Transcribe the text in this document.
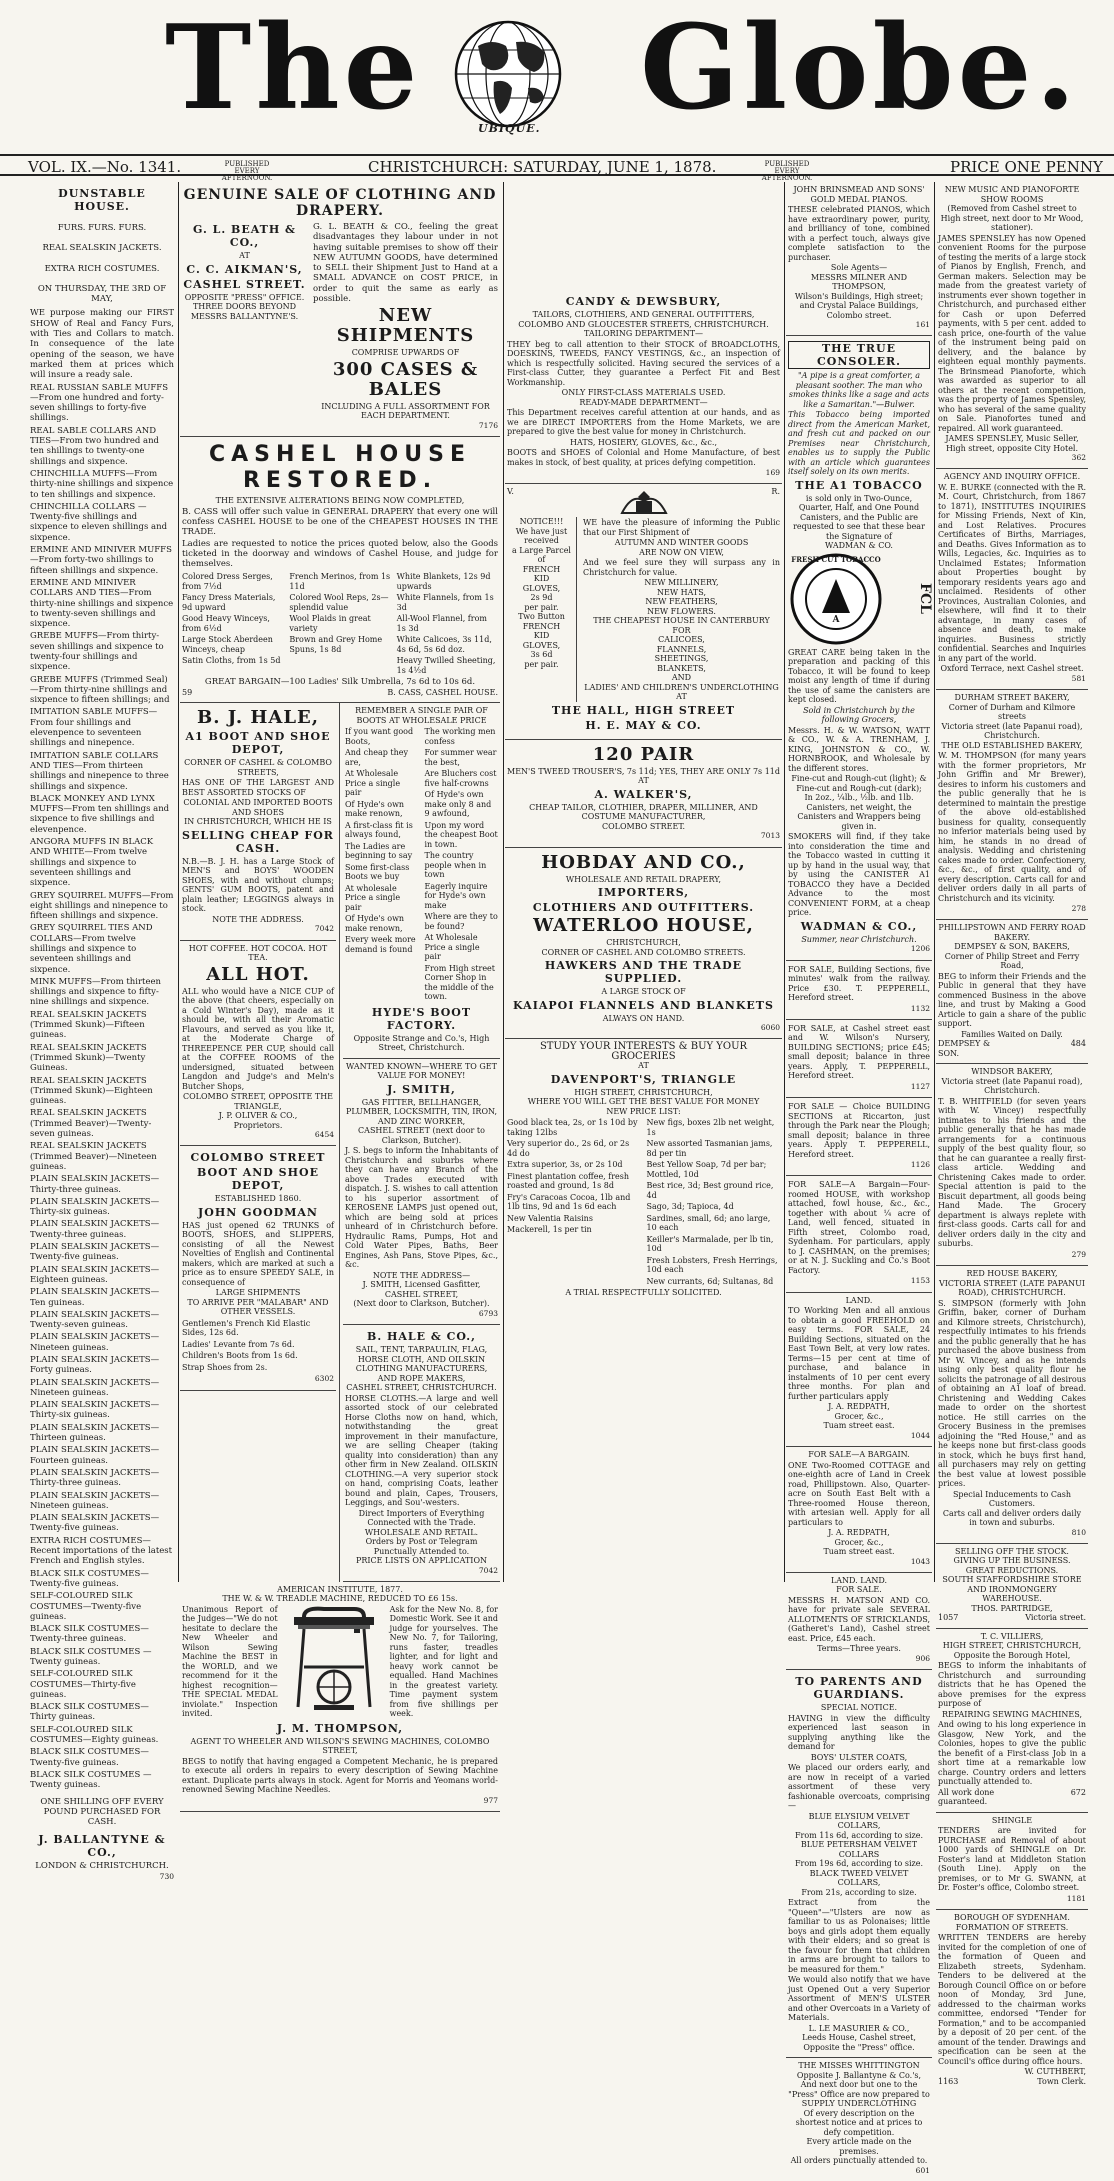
The	UBIQUE. Globe.
VOL. IX.—No. 1341.	PUBLISHED EVERY AFTERNOON.
CHRISTCHURCH: SATURDAY, JUNE 1, 1878.	PUBLISHED EVERY AFTERNOON.
PRICE ONE PENNY
DUNSTABLE HOUSE.
FURS. FURS. FURS.
REAL SEALSKIN JACKETS.
EXTRA RICH COSTUMES.
ON THURSDAY, THE 3RD OF MAY,

WE purpose making our FIRST SHOW of Real and Fancy Furs, with Ties and Collars to match. In consequence of the late opening of the season, we have marked them at prices which will insure a ready sale.

REAL RUSSIAN SABLE MUFFS—From one hundred and forty-seven shillings to forty-five shillings.
REAL SABLE COLLARS AND TIES—From two hundred and ten shillings to twenty-one shillings and sixpence.
CHINCHILLA MUFFS—From thirty-nine shillings and sixpence to ten shillings and sixpence.
CHINCHILLA COLLARS — Twenty-five shillings and sixpence to eleven shillings and sixpence.
ERMINE AND MINIVER MUFFS—From forty-two shillings to fifteen shillings and sixpence.
ERMINE AND MINIVER COLLARS AND TIES—From thirty-nine shillings and sixpence to twenty-seven shillings and sixpence.
GREBE MUFFS—From thirty-seven shillings and sixpence to twenty-four shillings and sixpence.
GREBE MUFFS (Trimmed Seal)—From thirty-nine shillings and sixpence to fifteen shillings; and
IMITATION SABLE MUFFS—From four shillings and elevenpence to seventeen shillings and ninepence.
IMITATION SABLE COLLARS AND TIES—From thirteen shillings and ninepence to three shillings and sixpence.
BLACK MONKEY AND LYNX MUFFS—From ten shillings and sixpence to five shillings and elevenpence.
ANGORA MUFFS IN BLACK AND WHITE—From twelve shillings and sixpence to seventeen shillings and sixpence.
GREY SQUIRREL MUFFS—From eight shillings and ninepence to fifteen shillings and sixpence.
GREY SQUIRREL TIES AND COLLARS—From twelve shillings and sixpence to seventeen shillings and sixpence.
MINK MUFFS—From thirteen shillings and sixpence to fifty-nine shillings and sixpence.
REAL SEALSKIN JACKETS (Trimmed Skunk)—Fifteen guineas.
REAL SEALSKIN JACKETS (Trimmed Skunk)—Twenty Guineas.
REAL SEALSKIN JACKETS (Trimmed Skunk)—Eighteen guineas.
REAL SEALSKIN JACKETS (Trimmed Beaver)—Twenty-seven guineas.
REAL SEALSKIN JACKETS (Trimmed Beaver)—Nineteen guineas.
PLAIN SEALSKIN JACKETS—Thirty-three guineas.
PLAIN SEALSKIN JACKETS—Thirty-six guineas.
PLAIN SEALSKIN JACKETS—Twenty-three guineas.
PLAIN SEALSKIN JACKETS—Twenty-five guineas.
PLAIN SEALSKIN JACKETS—Eighteen guineas.
PLAIN SEALSKIN JACKETS—Ten guineas.
PLAIN SEALSKIN JACKETS—Twenty-seven guineas.
PLAIN SEALSKIN JACKETS—Nineteen guineas.
PLAIN SEALSKIN JACKETS—Forty guineas.
PLAIN SEALSKIN JACKETS—Nineteen guineas.
PLAIN SEALSKIN JACKETS—Thirty-six guineas.
PLAIN SEALSKIN JACKETS—Thirteen guineas.
PLAIN SEALSKIN JACKETS—Fourteen guineas.
PLAIN SEALSKIN JACKETS—Thirty-three guineas.
PLAIN SEALSKIN JACKETS—Nineteen guineas.
PLAIN SEALSKIN JACKETS—Twenty-five guineas.
EXTRA RICH COSTUMES—Recent importations of the latest French and English styles.
BLACK SILK COSTUMES—Twenty-five guineas.
SELF-COLOURED SILK COSTUMES—Twenty-five guineas.
BLACK SILK COSTUMES—Twenty-three guineas.
BLACK SILK COSTUMES — Twenty guineas.
SELF-COLOURED SILK COSTUMES—Thirty-five guineas.
BLACK SILK COSTUMES—Thirty guineas.
SELF-COLOURED SILK COSTUMES—Eighty guineas.
BLACK SILK COSTUMES—Twenty-five guineas.
BLACK SILK COSTUMES — Twenty guineas.
ONE SHILLING OFF EVERY POUND PURCHASED FOR CASH.
J. BALLANTYNE & CO.,
LONDON & CHRISTCHURCH.
730
GENUINE SALE OF CLOTHING AND DRAPERY.
G. L. BEATH & CO.,
AT
C. C. AIKMAN'S,
CASHEL STREET.
OPPOSITE "PRESS" OFFICE. THREE DOORS BEYOND MESSRS BALLANTYNE'S.

G. L. BEATH & CO., feeling the great disadvantages they labour under in not having suitable premises to show off their NEW AUTUMN GOODS, have determined to SELL their Shipment Just to Hand at a SMALL ADVANCE on COST PRICE, in order to quit the same as early as possible.

NEW SHIPMENTS
COMPRISE UPWARDS OF
300 CASES & BALES
INCLUDING A FULL ASSORTMENT FOR EACH DEPARTMENT.
7176
CASHEL HOUSE RESTORED.
THE EXTENSIVE ALTERATIONS BEING NOW COMPLETED,

B. CASS will offer such value in GENERAL DRAPERY that every one will confess CASHEL HOUSE to be one of the CHEAPEST HOUSES IN THE TRADE.

Ladies are requested to notice the prices quoted below, also the Goods ticketed in the doorway and windows of Cashel House, and judge for themselves.

Colored Dress Serges, from 7½d
Fancy Dress Materials, 9d upward
Good Heavy Winceys, from 6½d
Large Stock Aberdeen Winceys, cheap
Satin Cloths, from 1s 5d
French Merinos, from 1s 11d
Colored Wool Reps, 2s—splendid value
Wool Plaids in great variety
Brown and Grey Home Spuns, 1s 8d
White Blankets, 12s 9d upwards
White Flannels, from 1s 3d
All-Wool Flannel, from 1s 3d
White Calicoes, 3s 11d, 4s 6d, 5s 6d doz.
Heavy Twilled Sheeting, 1s 4½d
GREAT BARGAIN—100 Ladies' Silk Umbrella, 7s 6d to 10s 6d.
59	B. CASS, CASHEL HOUSE.
B. J. HALE,
A1 BOOT AND SHOE DEPOT,
CORNER OF CASHEL & COLOMBO STREETS,

HAS ONE OF THE LARGEST AND BEST ASSORTED STOCKS OF

COLONIAL AND IMPORTED BOOTS AND SHOES
IN CHRISTCHURCH, WHICH HE IS
SELLING CHEAP FOR CASH.

N.B.—B. J. H. has a Large Stock of MEN'S and BOYS' WOODEN SHOES, with and without clumps; GENTS' GUM BOOTS, patent and plain leather; LEGGINGS always in stock.

NOTE THE ADDRESS.
7042
HOT COFFEE. HOT COCOA. HOT TEA.
ALL HOT.

ALL who would have a NICE CUP of the above (that cheers, especially on a Cold Winter's Day), made as it should be, with all their Aromatic Flavours, and served as you like it, at the Moderate Charge of THREEPENCE PER CUP, should call at the COFFEE ROOMS of the undersigned, situated between Langdon and Judge's and Meln's Butcher Shops,

COLOMBO STREET, OPPOSITE THE TRIANGLE,
J. P. OLIVER & CO.,
Proprietors.
6454
COLOMBO STREET
BOOT AND SHOE DEPOT,
ESTABLISHED 1860.
JOHN GOODMAN

HAS just opened 62 TRUNKS of BOOTS, SHOES, and SLIPPERS, consisting of all the Newest Novelties of English and Continental makers, which are marked at such a price as to ensure SPEEDY SALE, in consequence of

LARGE SHIPMENTS
TO ARRIVE PER "MALABAR" AND OTHER VESSELS.
Gentlemen's French Kid Elastic Sides, 12s 6d.
Ladies' Levante from 7s 6d.
Children's Boots from 1s 6d.
Strap Shoes from 2s.
6302
REMEMBER A SINGLE PAIR OF BOOTS AT WHOLESALE PRICE
If you want good Boots,
And cheap they are,
At Wholesale Price a single pair
Of Hyde's own make renown,
A first-class fit is always found,
The Ladies are beginning to say
Some first-class Boots we buy
At wholesale Price a single pair
Of Hyde's own make renown,
Every week more demand is found
The working men confess
For summer wear the best,
Are Bluchers cost five half-crowns
Of Hyde's own make only 8 and 9 awfound,
Upon my word the cheapest Boot in town.
The country people when in town
Eagerly inquire for Hyde's own make
Where are they to be found?
At Wholesale Price a single pair
From High street Corner Shop in the middle of the town.
HYDE'S BOOT FACTORY.
Opposite Strange and Co.'s, High Street, Christchurch.
WANTED KNOWN—WHERE TO GET VALUE FOR MONEY!
J. SMITH,
GAS FITTER, BELLHANGER, PLUMBER, LOCKSMITH, TIN, IRON, AND ZINC WORKER,
CASHEL STREET (next door to Clarkson, Butcher).

J. S. begs to inform the Inhabitants of Christchurch and suburbs where they can have any Branch of the above Trades executed with dispatch. J. S. wishes to call attention to his superior assortment of KEROSENE LAMPS just opened out, which are being sold at prices unheard of in Christchurch before. Hydraulic Rams, Pumps, Hot and Cold Water Pipes, Baths, Beer Engines, Ash Pans, Stove Pipes, &c., &c.

NOTE THE ADDRESS—
J. SMITH, Licensed Gasfitter,
CASHEL STREET,
(Next door to Clarkson, Butcher).
6793
B. HALE & CO.,
SAIL, TENT, TARPAULIN, FLAG, HORSE CLOTH, AND OILSKIN CLOTHING MANUFACTURERS, AND ROPE MAKERS,
CASHEL STREET, CHRISTCHURCH.

HORSE CLOTHS.—A large and well assorted stock of our celebrated Horse Cloths now on hand, which, notwithstanding the great improvement in their manufacture, we are selling Cheaper (taking quality into consideration) than any other firm in New Zealand. OILSKIN CLOTHING.—A very superior stock on hand, comprising Coats, leather bound and plain, Capes, Trousers, Leggings, and Sou'-westers.

Direct Importers of Everything Connected with the Trade.
WHOLESALE AND RETAIL.
Orders by Post or Telegram Punctually Attended to.
PRICE LISTS ON APPLICATION
7042
AMERICAN INSTITUTE, 1877.
THE W. & W. TREADLE MACHINE, REDUCED TO £6 15s.

Unanimous Report of the Judges—"We do not hesitate to declare the New Wheeler and Wilson Sewing Machine the BEST in the WORLD, and we recommend for it the highest recognition—THE SPECIAL MEDAL inviolate." Inspection invited.

Ask for the New No. 8, for Domestic Work. See it and judge for yourselves. The New No. 7, for Tailoring, runs faster, treadles lighter, and for light and heavy work cannot be equalled. Hand Machines in the greatest variety. Time payment system from five shillings per week.

J. M. THOMPSON,
AGENT TO WHEELER AND WILSON'S SEWING MACHINES, COLOMBO STREET,

BEGS to notify that having engaged a Competent Mechanic, he is prepared to execute all orders in repairs to every description of Sewing Machine extant. Duplicate parts always in stock. Agent for Morris and Yeomans world-renowned Sewing Machine Needles.

977
CANDY & DEWSBURY,
TAILORS, CLOTHIERS, AND GENERAL OUTFITTERS,
COLOMBO AND GLOUCESTER STREETS, CHRISTCHURCH.
TAILORING DEPARTMENT—

THEY beg to call attention to their STOCK of BROADCLOTHS, DOESKINS, TWEEDS, FANCY VESTINGS, &c., an inspection of which is respectfully solicited. Having secured the services of a First-class Cutter, they guarantee a Perfect Fit and Best Workmanship.

ONLY FIRST-CLASS MATERIALS USED.
READY-MADE DEPARTMENT—

This Department receives careful attention at our hands, and as we are DIRECT IMPORTERS from the Home Markets, we are prepared to give the best value for money in Christchurch.

HATS, HOSIERY, GLOVES, &c., &c.,

BOOTS and SHOES of Colonial and Home Manufacture, of best makes in stock, of best quality, at prices defying competition.

169
V.	R.
NOTICE!!!
We have just received
a Large Parcel of
FRENCH
KID
GLOVES,
2s 9d
per pair.
Two Button
FRENCH
KID
GLOVES,
3s 6d
per pair.

WE have the pleasure of informing the Public that our First Shipment of

AUTUMN AND WINTER GOODS
ARE NOW ON VIEW,

And we feel sure they will surpass any in Christchurch for value.

NEW MILLINERY,
NEW HATS,
NEW FEATHERS,
NEW FLOWERS.
THE CHEAPEST HOUSE IN CANTERBURY
FOR
CALICOES,
FLANNELS,
SHEETINGS,
BLANKETS,
AND
LADIES' AND CHILDREN'S UNDERCLOTHING
AT
THE HALL, HIGH STREET
H. E. MAY & CO.
120 PAIR
MEN'S TWEED TROUSER'S, 7s 11d; YES, THEY ARE ONLY 7s 11d
AT
A. WALKER'S,
CHEAP TAILOR, CLOTHIER, DRAPER, MILLINER, AND COSTUME MANUFACTURER,
COLOMBO STREET.
7013
HOBDAY AND CO.,
WHOLESALE AND RETAIL DRAPERY,
IMPORTERS,
CLOTHIERS AND OUTFITTERS.
WATERLOO HOUSE,
CHRISTCHURCH,
CORNER OF CASHEL AND COLOMBO STREETS.
HAWKERS AND THE TRADE SUPPLIED.
A LARGE STOCK OF
KAIAPOI FLANNELS AND BLANKETS
ALWAYS ON HAND.
6060
STUDY YOUR INTERESTS & BUY YOUR GROCERIES
AT
DAVENPORT'S, TRIANGLE
HIGH STREET, CHRISTCHURCH,
WHERE YOU WILL GET THE BEST VALUE FOR MONEY
NEW PRICE LIST:
Good black tea, 2s, or 1s 10d by taking 12lbs
Very superior do., 2s 6d, or 2s 4d do
Extra superior, 3s, or 2s 10d
Finest plantation coffee, fresh roasted and ground, 1s 8d
Fry's Caracoas Cocoa, 1lb and 1lb tins, 9d and 1s 6d each
New Valentia Raisins
Mackerell, 1s per tin
New figs, boxes 2lb net weight, 1s
New assorted Tasmanian jams, 8d per tin
Best Yellow Soap, 7d per bar; Mottled, 10d
Best rice, 3d; Best ground rice, 4d
Sago, 3d; Tapioca, 4d
Sardines, small, 6d; ano large, 10 each
Keiller's Marmalade, per lb tin, 10d
Fresh Lobsters, Fresh Herrings, 10d each
New currants, 6d; Sultanas, 8d
A TRIAL RESPECTFULLY SOLICITED.
JOHN BRINSMEAD AND SONS' GOLD MEDAL PIANOS.

THESE celebrated PIANOS, which have extraordinary power, purity, and brilliancy of tone, combined with a perfect touch, always give complete satisfaction to the purchaser.

Sole Agents—
MESSRS MILNER AND THOMPSON,
Wilson's Buildings, High street; and Crystal Palace Buildings, Colombo street.
161
THE TRUE CONSOLER.
"A pipe is a great comforter, a pleasant soother. The man who smokes thinks like a sage and acts like a Samaritan."—Bulwer.

This Tobacco being imported direct from the American Market, and fresh cut and packed on our Premises near Christchurch, enables us to supply the Public with an article which guarantees itself solely on its own merits.

THE A1 TOBACCO
is sold only in Two-Ounce, Quarter, Half, and One Pound Canisters, and the Public are requested to see that these bear the Signature of
WADMAN & CO.
FRESH CUT TOBACCO
A
FCL

GREAT CARE being taken in the preparation and packing of this Tobacco, it will be found to keep moist any length of time if during the use of same the canisters are kept closed.

Sold in Christchurch by the following Grocers,

Messrs. H. & W. WATSON, WATT & CO., W. & A. TRENHAM, J. KING, JOHNSTON & CO., W. HORNBROOK, and Wholesale by the different stores.

Fine-cut and Rough-cut (light); & Fine-cut and Rough-cut (dark);
In 2oz., ¼lb., ½lb. and 1lb. Canisters, net weight, the Canisters and Wrappers being given in.

SMOKERS will find, if they take into consideration the time and the Tobacco wasted in cutting it up by hand in the usual way, that by using the CANISTER A1 TOBACCO they have a Decided Advance to the most CONVENIENT FORM, at a cheap price.

WADMAN & CO.,
Summer, near Christchurch.
1206

FOR SALE, Building Sections, five minutes' walk from the railway. Price £30. T. PEPPERELL, Hereford street.

1132

FOR SALE, at Cashel street east and W. Wilson's Nursery, BUILDING SECTIONS; price £45; small deposit; balance in three years. Apply, T. PEPPERELL, Hereford street.

1127

FOR SALE — Choice BUILDING SECTIONS at Riccarton, just through the Park near the Plough; small deposit; balance in three years. Apply T. PEPPERELL, Hereford street.

1126

FOR SALE—A Bargain—Four-roomed HOUSE, with workshop attached, fowl house, &c., &c., together with about ¼ acre of Land, well fenced, situated in Fifth street, Colombo road, Sydenham. For particulars, apply to J. CASHMAN, on the premises; or at N. J. Suckling and Co.'s Boot Factory.

1153
LAND.

TO Working Men and all anxious to obtain a good FREEHOLD on easy terms. FOR SALE, 24 Building Sections, situated on the East Town Belt, at very low rates. Terms—15 per cent at time of purchase, and balance in instalments of 10 per cent every three months. For plan and further particulars apply

J. A. REDPATH,
Grocer, &c.,
Tuam street east.
1044
FOR SALE—A BARGAIN.

ONE Two-Roomed COTTAGE and one-eighth acre of Land in Creek road, Phillipstown. Also, Quarter-acre on South East Belt with a Three-roomed House thereon, with artesian well. Apply for all particulars to

J. A. REDPATH,
Grocer, &c.,
Tuam street east.
1043
LAND. LAND.
FOR SALE.

MESSRS H. MATSON AND CO. have for private sale SEVERAL ALLOTMENTS OF STRICKLANDS, (Gatheret's Land), Cashel street east. Price, £45 each.

Terms—Three years.
906
TO PARENTS AND GUARDIANS.
SPECIAL NOTICE.

HAVING in view the difficulty experienced last season in supplying anything like the demand for

BOYS' ULSTER COATS,

We placed our orders early, and are now in receipt of a varied assortment of these very fashionable overcoats, comprising—

BLUE ELYSIUM VELVET COLLARS,
From 11s 6d, according to size.
BLUE PETERSHAM VELVET COLLARS
From 19s 6d, according to size.
BLACK TWEED VELVET COLLARS,
From 21s, according to size.

Extract from the "Queen"—"Ulsters are now as familiar to us as Polonaises; little boys and girls adopt them equally with their elders; and so great is the favour for them that children in arms are brought to tailors to be measured for them."

We would also notify that we have just Opened Out a very Superior Assortment of MEN'S ULSTER and other Overcoats in a Variety of Materials.

L. LE MASURIER & CO.,
Leeds House, Cashel street, Opposite the "Press" office.
THE MISSES WHITTINGTON
Opposite J. Ballantyne & Co.'s, And next door but one to the "Press" Office are now prepared to
SUPPLY UNDERCLOTHING
Of every description on the shortest notice and at prices to defy competition.
Every article made on the premises.
All orders punctually attended to.
601
NEW MUSIC AND PIANOFORTE SHOW ROOMS
(Removed from Cashel street to High street, next door to Mr Wood, stationer).

JAMES SPENSLEY has now Opened convenient Rooms for the purpose of testing the merits of a large stock of Pianos by English, French, and German makers. Selection may be made from the greatest variety of instruments ever shown together in Christchurch, and purchased either for Cash or upon Deferred payments, with 5 per cent. added to cash price, one-fourth of the value of the instrument being paid on delivery, and the balance by eighteen equal monthly payments. The Brinsmead Pianoforte, which was awarded as superior to all others at the recent competition, was the property of James Spensley, who has several of the same quality on Sale. Pianofortes tuned and repaired. All work guaranteed.

JAMES SPENSLEY, Music Seller, High street, opposite City Hotel.
362
AGENCY AND INQUIRY OFFICE.

W. E. BURKE (connected with the R. M. Court, Christchurch, from 1867 to 1871), INSTITUTES INQUIRIES for Missing Friends, Next of Kin, and Lost Relatives. Procures Certificates of Births, Marriages, and Deaths. Gives Information as to Wills, Legacies, &c. Inquiries as to Unclaimed Estates; Information about Properties bought by temporary residents years ago and unclaimed. Residents of other Provinces, Australian Colonies, and elsewhere, will find it to their advantage, in many cases of absence and death, to make inquiries. Business strictly confidential. Searches and Inquiries in any part of the world.

Oxford Terrace, next Cashel street.
581
DURHAM STREET BAKERY,
Corner of Durham and Kilmore streets
Victoria street (late Papanui road),
Christchurch.
THE OLD ESTABLISHED BAKERY,

W. M. THOMPSON (for many years with the former proprietors, Mr John Griffin and Mr Brewer), desires to inform his customers and the public generally that he is determined to maintain the prestige of the above old-established business for quality, consequently no inferior materials being used by him, he stands in no dread of analysis. Wedding and christening cakes made to order. Confectionery, &c., &c., of first quality, and of every description. Carts call for and deliver orders daily in all parts of Christchurch and its vicinity.

278
PHILLIPSTOWN AND FERRY ROAD BAKERY.
DEMPSEY & SON, BAKERS,
Corner of Philip Street and Ferry Road,

BEG to inform their Friends and the Public in general that they have commenced Business in the above line, and trust by Making a Good Article to gain a share of the public support.

Families Waited on Daily.
DEMPSEY & SON.
484
WINDSOR BAKERY,
Victoria street (late Papanui road), Christchurch.

T. B. WHITFIELD (for seven years with W. Vincey) respectfully intimates to his friends and the public generally that he has made arrangements for a continuous supply of the best quality flour, so that he can guarantee a really first-class article. Wedding and Christening Cakes made to order. Special attention is paid to the Biscuit department, all goods being Hand Made. The Grocery department is always replete with first-class goods. Carts call for and deliver orders daily in the city and suburbs.

279
RED HOUSE BAKERY,
VICTORIA STREET (LATE PAPANUI ROAD), CHRISTCHURCH.

S. SIMPSON (formerly with John Griffin, baker, corner of Durham and Kilmore streets, Christchurch), respectfully intimates to his friends and the public generally that he has purchased the above business from Mr W. Vincey, and as he intends using only best quality flour he solicits the patronage of all desirous of obtaining an A1 loaf of bread. Christening and Wedding Cakes made to order on the shortest notice. He still carries on the Grocery Business in the premises adjoining the "Red House," and as he keeps none but first-class goods in stock, which he buys first hand, all purchasers may rely on getting the best value at lowest possible prices.

Special Inducements to Cash Customers.
Carts call and deliver orders daily in town and suburbs.
810
SELLING OFF THE STOCK.
GIVING UP THE BUSINESS.
GREAT REDUCTIONS.
SOUTH STAFFORDSHIRE STORE AND IRONMONGERY WAREHOUSE.
THOS. PARTRIDGE,
1057	Victoria street.
T. C. VILLIERS,
HIGH STREET, CHRISTCHURCH,
Opposite the Borough Hotel,

BEGS to inform the inhabitants of Christchurch and surrounding districts that he has Opened the above premises for the express purpose of

REPAIRING SEWING MACHINES,

And owing to his long experience in Glasgow, New York, and the Colonies, hopes to give the public the benefit of a First-class Job in a short time at a remarkable low charge. Country orders and letters punctually attended to.

All work done guaranteed.
672
SHINGLE

TENDERS are invited for PURCHASE and Removal of about 1000 yards of SHINGLE on Dr. Foster's land at Middleton Station (South Line). Apply on the premises, or to Mr G. SWANN, at Dr. Foster's office, Colombo street.

1181
BOROUGH OF SYDENHAM.
FORMATION OF STREETS.

WRITTEN TENDERS are hereby invited for the completion of one of the formation of Queen and Elizabeth streets, Sydenham. Tenders to be delivered at the Borough Council Office on or before noon of Monday, 3rd June, addressed to the chairman works committee, endorsed "Tender for Formation," and to be accompanied by a deposit of 20 per cent. of the amount of the tender. Drawings and specification can be seen at the Council's office during office hours.

W. CUTHBERT,
1163	Town Clerk.
